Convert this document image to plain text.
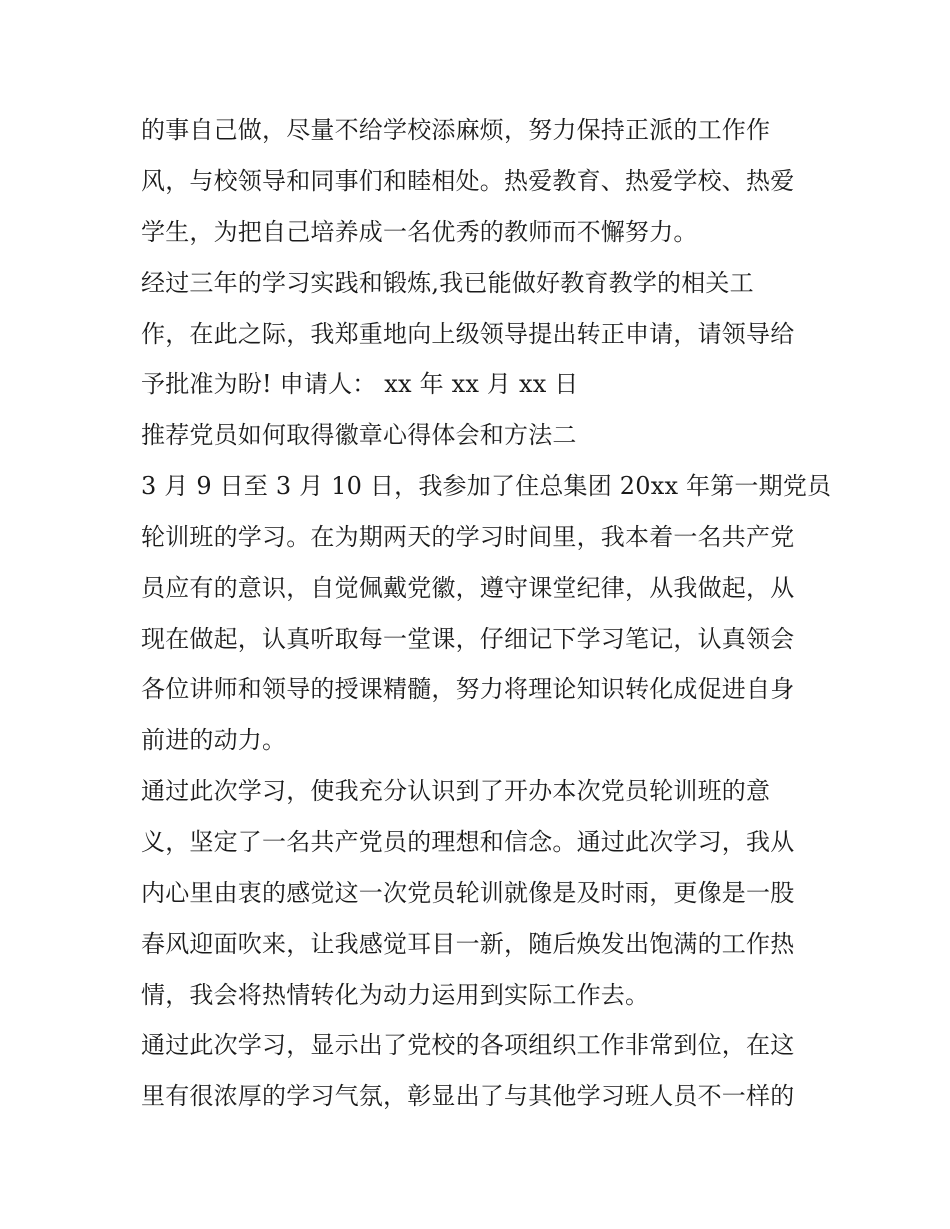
的事自己做，尽量不给学校添麻烦，努力保持正派的工作作
风，与校领导和同事们和睦相处。热爱教育、热爱学校、热爱
学生，为把自己培养成一名优秀的教师而不懈努力。
经过三年的学习实践和锻炼,我已能做好教育教学的相关工
作，在此之际，我郑重地向上级领导提出转正申请，请领导给
予批准为盼! 申请人： xx 年 xx 月 xx 日
推荐党员如何取得徽章心得体会和方法二
3 月 9 日至 3 月 10 日，我参加了住总集团 20xx 年第一期党员
轮训班的学习。在为期两天的学习时间里，我本着一名共产党
员应有的意识，自觉佩戴党徽，遵守课堂纪律，从我做起，从
现在做起，认真听取每一堂课，仔细记下学习笔记，认真领会
各位讲师和领导的授课精髓，努力将理论知识转化成促进自身
前进的动力。
通过此次学习，使我充分认识到了开办本次党员轮训班的意
义，坚定了一名共产党员的理想和信念。通过此次学习，我从
内心里由衷的感觉这一次党员轮训就像是及时雨，更像是一股
春风迎面吹来，让我感觉耳目一新，随后焕发出饱满的工作热
情，我会将热情转化为动力运用到实际工作去。
通过此次学习，显示出了党校的各项组织工作非常到位，在这
里有很浓厚的学习气氛，彰显出了与其他学习班人员不一样的
